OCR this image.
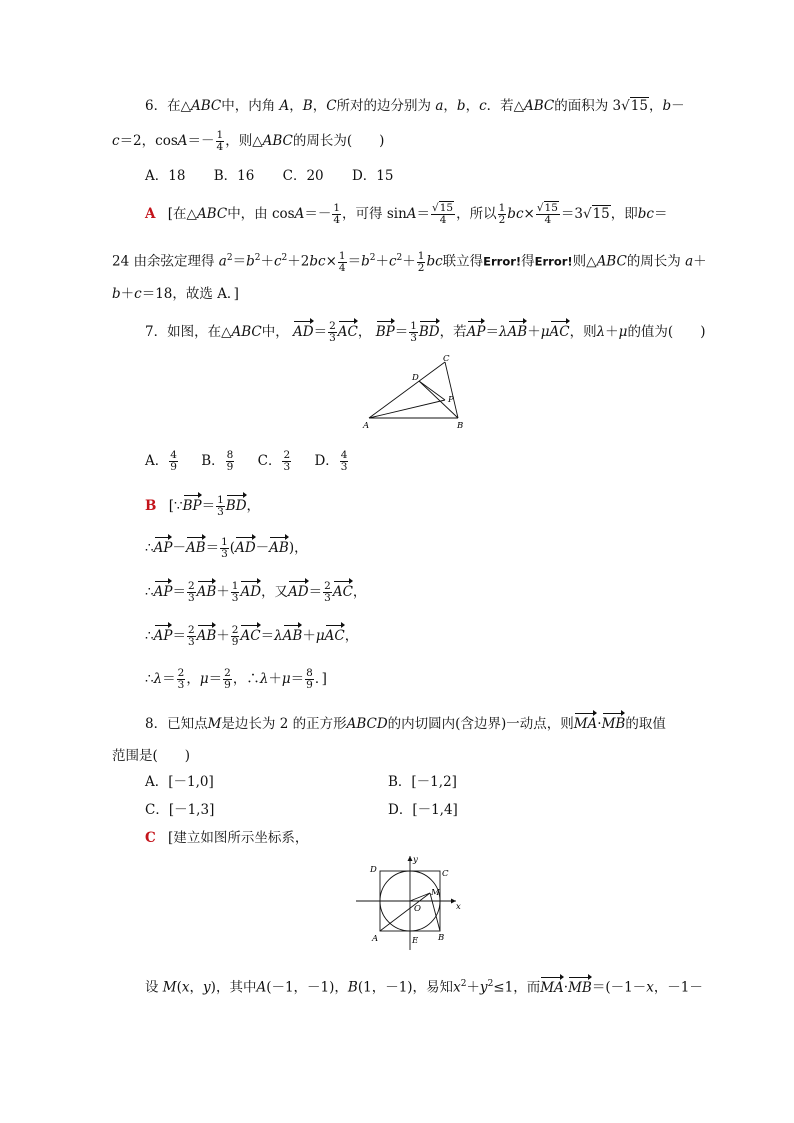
6．在△ABC中，内角 A，B，C所对的边分别为 a，b，c．若△ABC的面积为 3√15，b－
c＝2，$\cos A=- \frac{1}{4}$ ，则△ABC的周长为(　　)
A．18 B．16 C．20 D．15
A [在△ABC中，由 $\cos A=- \frac{1}{4}$ ，可得 $\sin A= \frac{√15}{4}$ ，所以 $\frac{1}{2} bc\times \frac{√15}{4} =3√15$，即bc＝
24 由余弦定理得 $a^2=b^2+c^2+2bc\times \frac{1}{4} =b^2+c^2+ \frac{1}{2}$ bc联立得Error!得Error!则△ABC的周长为 a＋
b＋c＝18，故选 A．]
7．如图，在△ABC中， $AD= \frac{2}{3}$ AC， $BP= \frac{1}{3}$ BD，若AP＝λAB＋μAC，则λ＋μ的值为(　　)
A	B
C
D
P
A． $\frac{4}{9}$ B． $\frac{8}{9}$ C． $\frac{2}{3}$ D． $\frac{4}{3}$
B [∵BP＝ $\frac{1}{3}$ BD，
∴AP－AB＝ $\frac{1}{3} (AD-AB)$，
∴AP＝ $\frac{2}{3} AB+ \frac{1}{3}$ AD，又$AD= \frac{2}{3}$ AC，
∴AP＝ $\frac{2}{3} AB+ \frac{2}{9} AC=\lambda AB+\mu AC$，
∴λ＝ $\frac{2}{3}$ ，$\mu= \frac{2}{9}$ ，∴λ＋μ＝ $\frac{8}{9}$ ．]
8．已知点M是边长为 2 的正方形ABCD的内切圆内(含边界)一动点，则MA·MB的取值
范围是(　　)
A．[－1,0]	B．[－1,2]
C．[－1,3]	D．[－1,4]
C [建立如图所示坐标系，
D	C
A	B
E
O
M
x
y
设 M(x，y)，其中A(－1，－1)，B(1，－1)，易知$x^2+y^2\le 1$，而MA·MB＝(－1－x，－1－
